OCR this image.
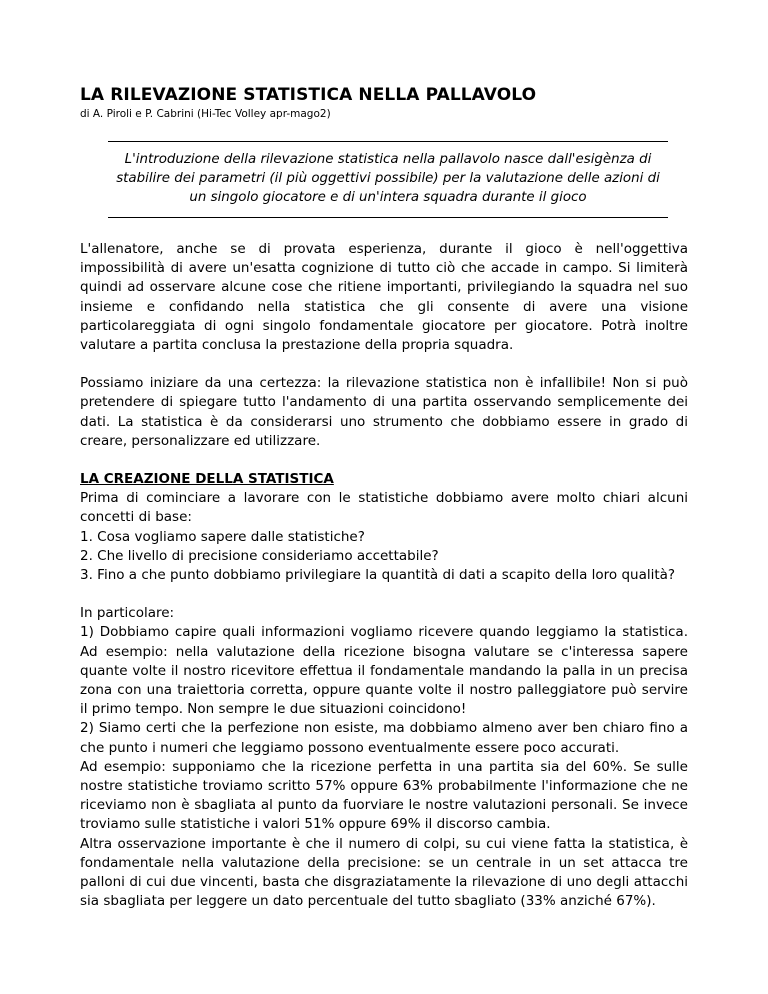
LA RILEVAZIONE STATISTICA NELLA PALLAVOLO
di A. Piroli e P. Cabrini (Hi-Tec Volley apr-mago2)
L'introduzione della rilevazione statistica nella pallavolo nasce dall'esigènza di stabilire dei parametri (il più oggettivi possibile) per la valutazione delle azioni di un singolo giocatore e di un'intera squadra durante il gioco

L'allenatore, anche se di provata esperienza, durante il gioco è nell'oggettiva impossibilità di avere un'esatta cognizione di tutto ciò che accade in campo. Si limiterà quindi ad osservare alcune cose che ritiene importanti, privilegiando la squadra nel suo insieme e confidando nella statistica che gli consente di avere una visione particolareggiata di ogni singolo fondamentale giocatore per giocatore. Potrà inoltre valutare a partita conclusa la prestazione della propria squadra.

Possiamo iniziare da una certezza: la rilevazione statistica non è infallibile! Non si può pretendere di spiegare tutto l'andamento di una partita osservando semplicemente dei dati. La statistica è da considerarsi uno strumento che dobbiamo essere in grado di creare, personalizzare ed utilizzare.

LA CREAZIONE DELLA STATISTICA

Prima di cominciare a lavorare con le statistiche dobbiamo avere molto chiari alcuni concetti di base:

1. Cosa vogliamo sapere dalle statistiche?

2. Che livello di precisione consideriamo accettabile?

3. Fino a che punto dobbiamo privilegiare la quantità di dati a scapito della loro qualità?

In particolare:

1) Dobbiamo capire quali informazioni vogliamo ricevere quando leggiamo la statistica. Ad esempio: nella valutazione della ricezione bisogna valutare se c'interessa sapere quante volte il nostro ricevitore effettua il fondamentale mandando la palla in un precisa zona con una traiettoria corretta, oppure quante volte il nostro palleggiatore può servire il primo tempo. Non sempre le due situazioni coincidono!

2) Siamo certi che la perfezione non esiste, ma dobbiamo almeno aver ben chiaro fino a che punto i numeri che leggiamo possono eventualmente essere poco accurati.

Ad esempio: supponiamo che la ricezione perfetta in una partita sia del 60%. Se sulle nostre statistiche troviamo scritto 57% oppure 63% probabilmente l'informazione che ne riceviamo non è sbagliata al punto da fuorviare le nostre valutazioni personali. Se invece troviamo sulle statistiche i valori 51% oppure 69% il discorso cambia.

Altra osservazione importante è che il numero di colpi, su cui viene fatta la statistica, è fondamentale nella valutazione della precisione: se un centrale in un set attacca tre palloni di cui due vincenti, basta che disgraziatamente la rilevazione di uno degli attacchi sia sbagliata per leggere un dato percentuale del tutto sbagliato (33% anziché 67%).
